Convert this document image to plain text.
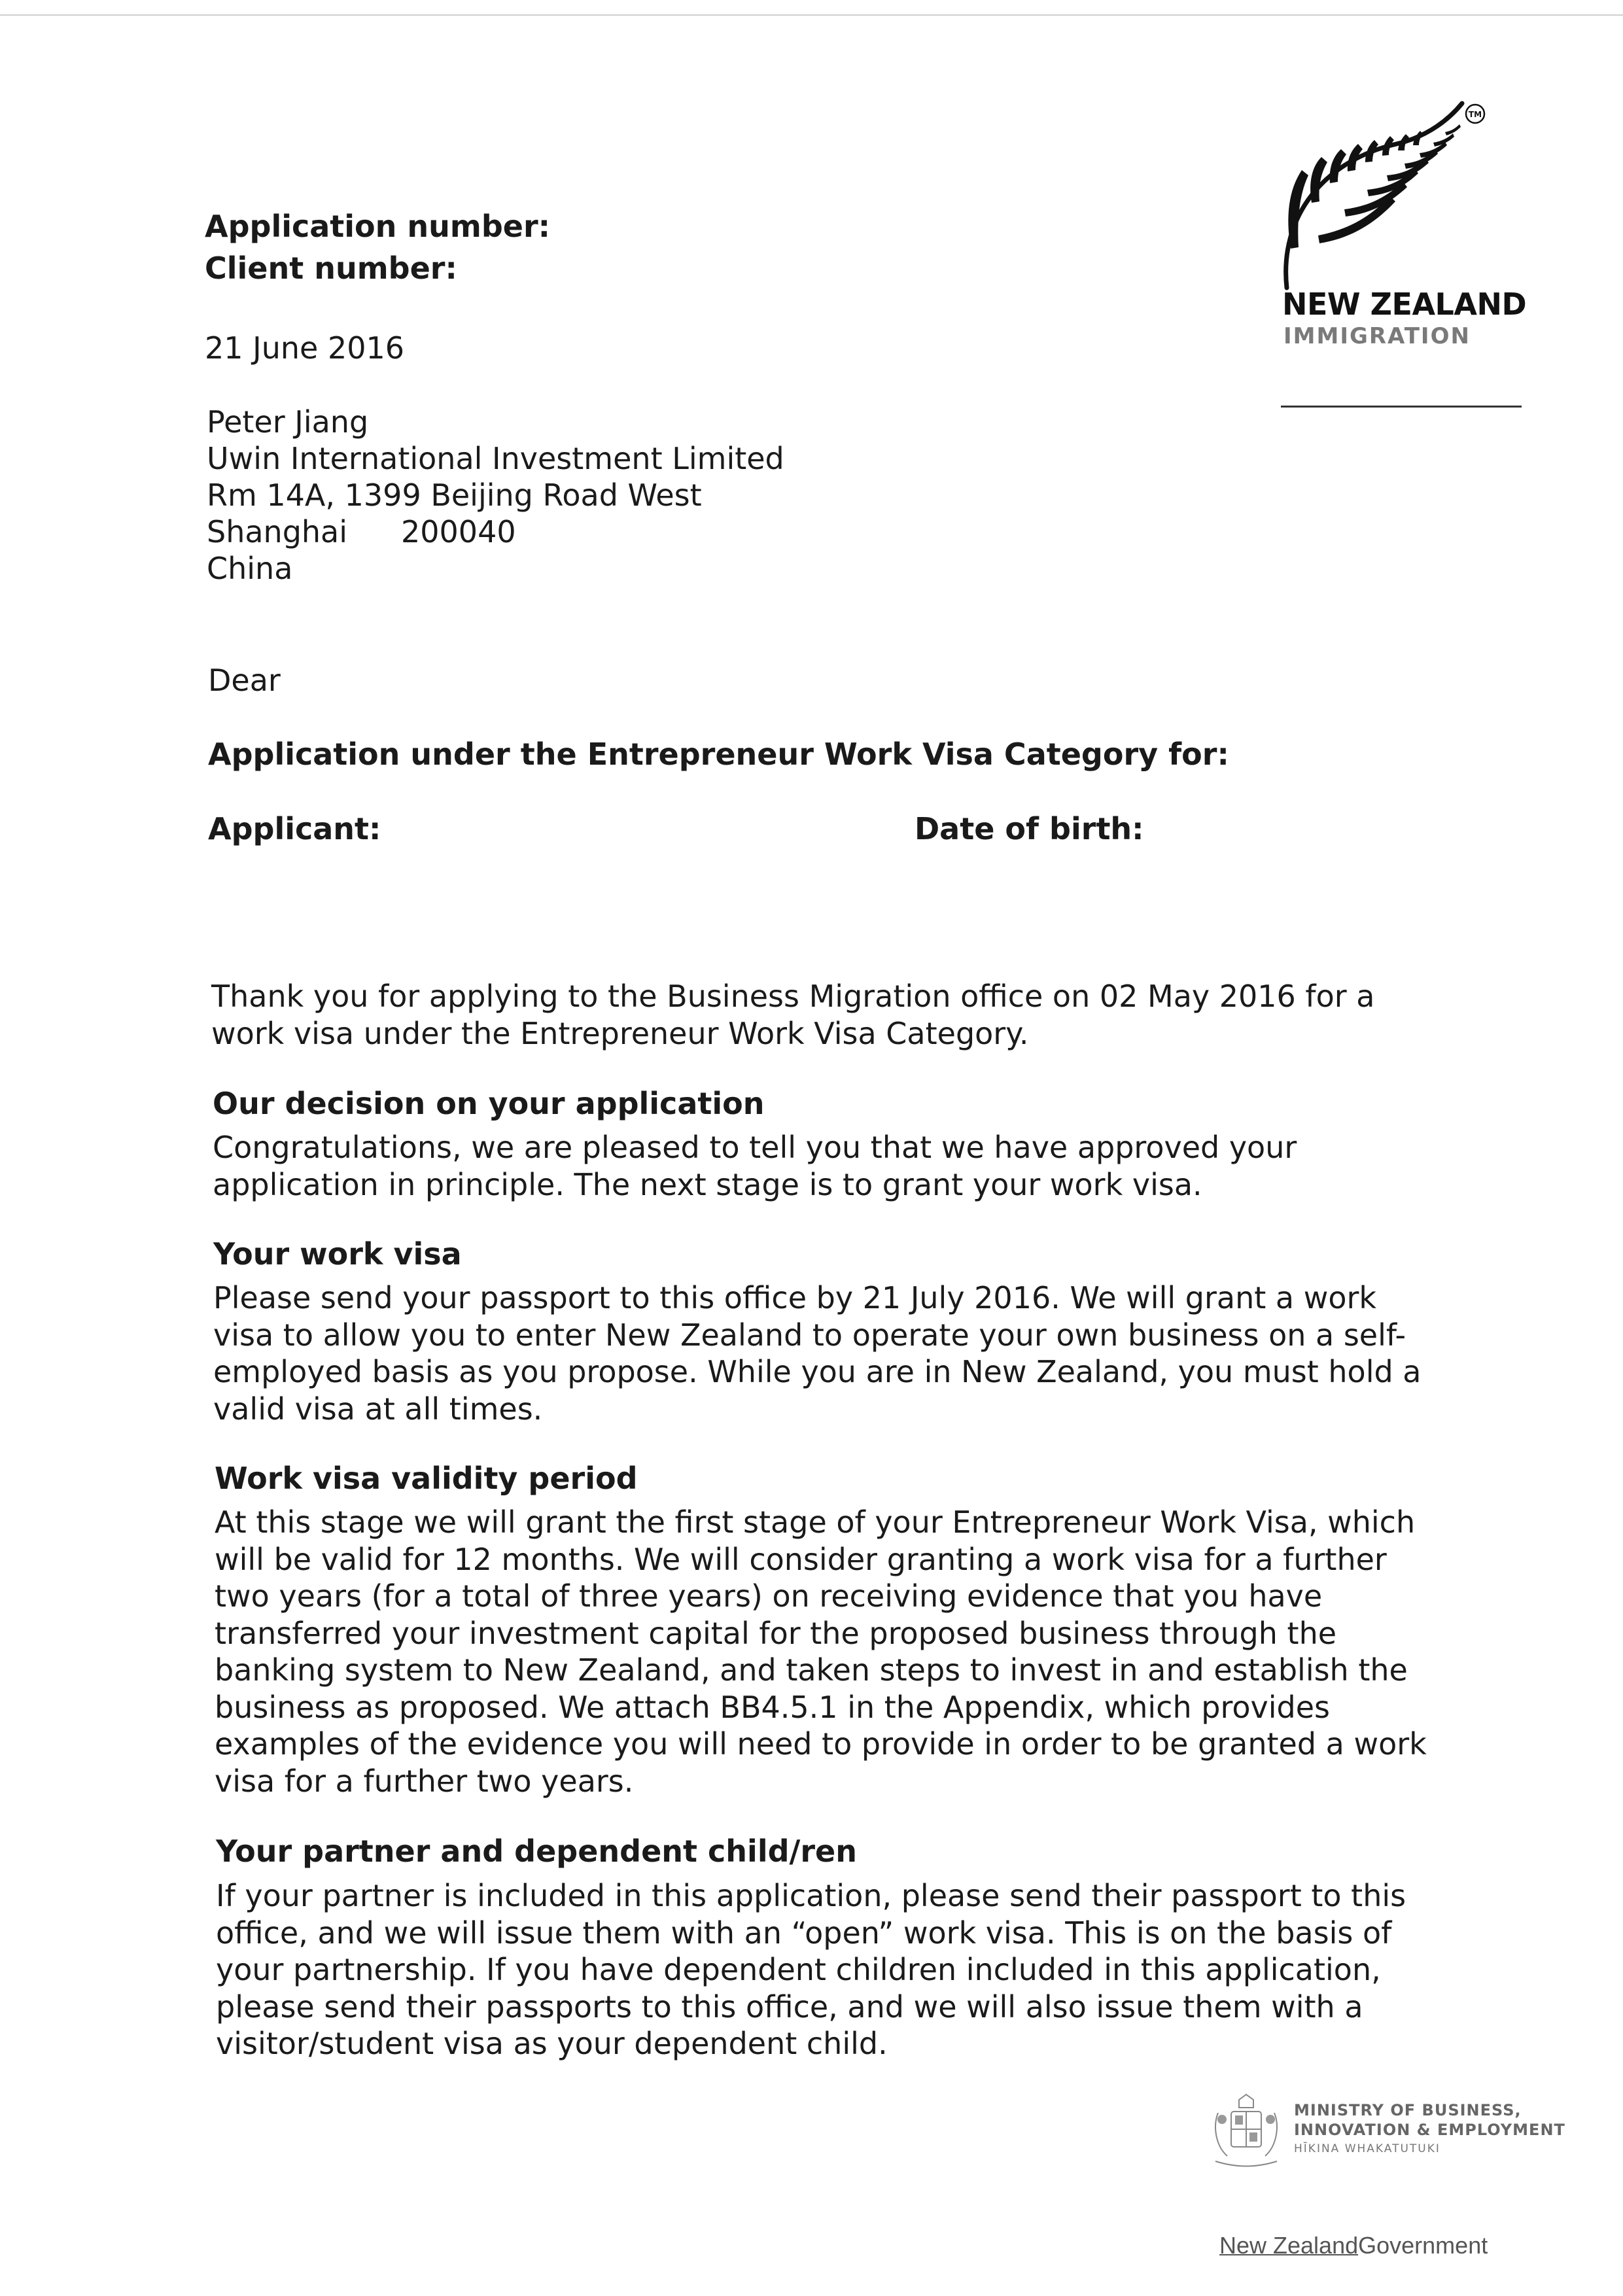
Application number:
Client number:
21 June 2016
TM
NEW ZEALAND
IMMIGRATION
Peter Jiang
Uwin International Investment Limited
Rm 14A, 1399 Beijing Road West
Shanghai 200040
China
Dear
Application under the Entrepreneur Work Visa Category for:
Applicant:	Date of birth:
Thank you for applying to the Business Migration office on 02 May 2016 for a
work visa under the Entrepreneur Work Visa Category.
Our decision on your application
Congratulations, we are pleased to tell you that we have approved your
application in principle. The next stage is to grant your work visa.
Your work visa
Please send your passport to this office by 21 July 2016. We will grant a work
visa to allow you to enter New Zealand to operate your own business on a self-
employed basis as you propose. While you are in New Zealand, you must hold a
valid visa at all times.
Work visa validity period
At this stage we will grant the first stage of your Entrepreneur Work Visa, which
will be valid for 12 months. We will consider granting a work visa for a further
two years (for a total of three years) on receiving evidence that you have
transferred your investment capital for the proposed business through the
banking system to New Zealand, and taken steps to invest in and establish the
business as proposed. We attach BB4.5.1 in the Appendix, which provides
examples of the evidence you will need to provide in order to be granted a work
visa for a further two years.
Your partner and dependent child/ren
If your partner is included in this application, please send their passport to this
office, and we will issue them with an “open” work visa. This is on the basis of
your partnership. If you have dependent children included in this application,
please send their passports to this office, and we will also issue them with a
visitor/student visa as your dependent child.
MINISTRY OF BUSINESS,
INNOVATION & EMPLOYMENT
HĪKINA WHAKATUTUKI
New ZealandGovernment
